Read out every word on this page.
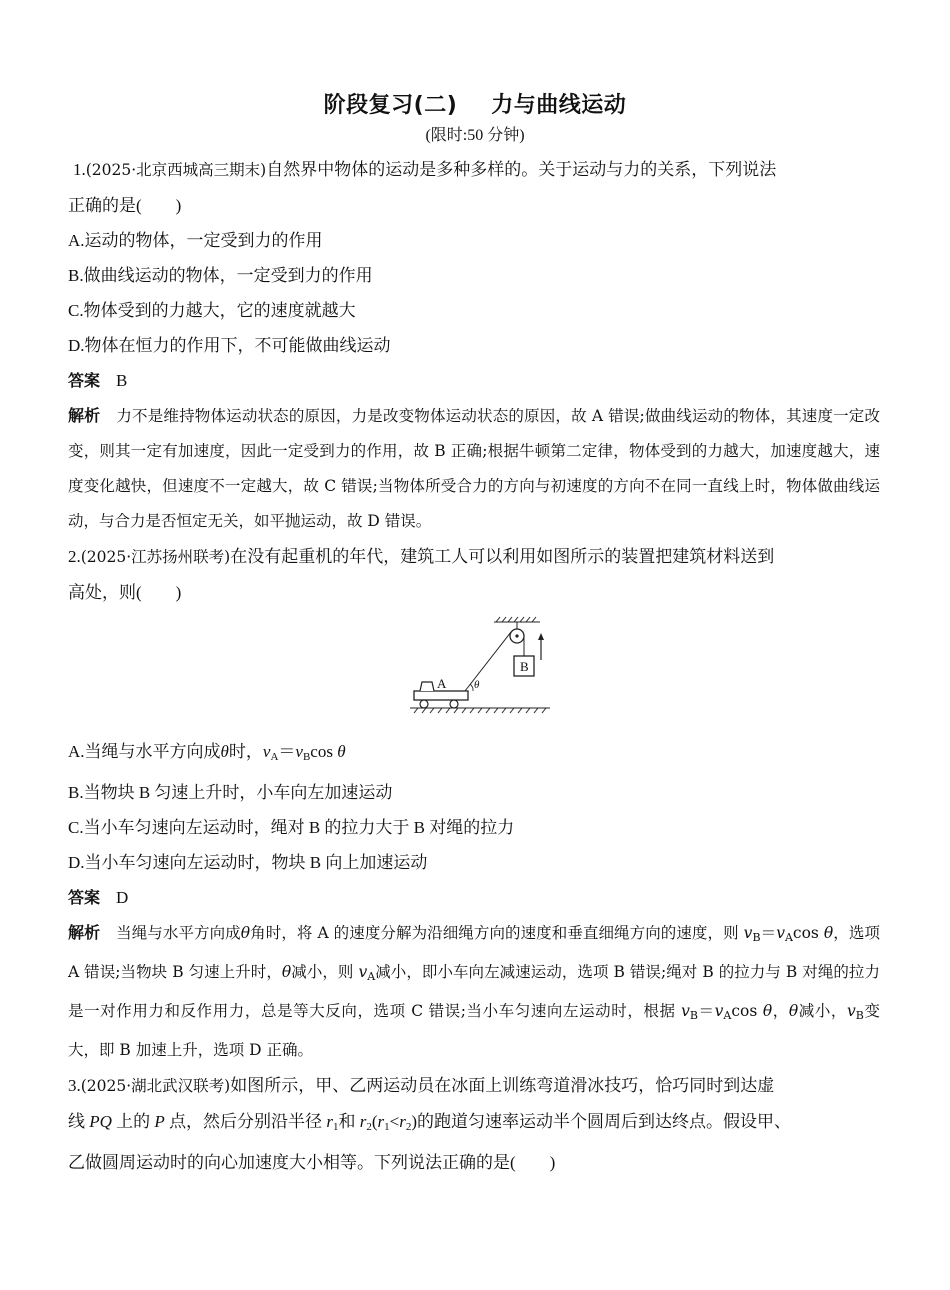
阶段复习(二) 力与曲线运动
(限时:50 分钟)
1.(2025·北京西城高三期末)自然界中物体的运动是多种多样的。关于运动与力的关系，下列说法
正确的是(　　)
A.运动的物体，一定受到力的作用
B.做曲线运动的物体，一定受到力的作用
C.物体受到的力越大，它的速度就越大
D.物体在恒力的作用下，不可能做曲线运动
答案 B
解析 力不是维持物体运动状态的原因，力是改变物体运动状态的原因，故 A 错误;做曲线运动的物体，其速度一定改变，则其一定有加速度，因此一定受到力的作用，故 B 正确;根据牛顿第二定律，物体受到的力越大，加速度越大，速度变化越快，但速度不一定越大，故 C 错误;当物体所受合力的方向与初速度的方向不在同一直线上时，物体做曲线运动，与合力是否恒定无关，如平抛运动，故 D 错误。
2.(2025·江苏扬州联考)在没有起重机的年代，建筑工人可以利用如图所示的装置把建筑材料送到
高处，则(　　)
B
θ
A
A.当绳与水平方向成θ时，$v_A=v_B\cos$ θ
B.当物块 B 匀速上升时，小车向左加速运动
C.当小车匀速向左运动时，绳对 B 的拉力大于 B 对绳的拉力
D.当小车匀速向左运动时，物块 B 向上加速运动
答案 D
解析 当绳与水平方向成θ角时，将 A 的速度分解为沿细绳方向的速度和垂直细绳方向的速度，则 $v_B=v_A\cos$ θ，选项 A 错误;当物块 B 匀速上升时，θ减小，则 $v_A$减小，即小车向左减速运动，选项 B 错误;绳对 B 的拉力与 B 对绳的拉力是一对作用力和反作用力，总是等大反向，选项 C 错误;当小车匀速向左运动时，根据 $v_B=v_A\cos$ θ，θ减小，$v_B$变大，即 B 加速上升，选项 D 正确。
3.(2025·湖北武汉联考)如图所示，甲、乙两运动员在冰面上训练弯道滑冰技巧，恰巧同时到达虚
线 PQ 上的 P 点，然后分别沿半径 $r_1$和 $r_2(r_1<r_2)$的跑道匀速率运动半个圆周后到达终点。假设甲、
乙做圆周运动时的向心加速度大小相等。下列说法正确的是(　　)
